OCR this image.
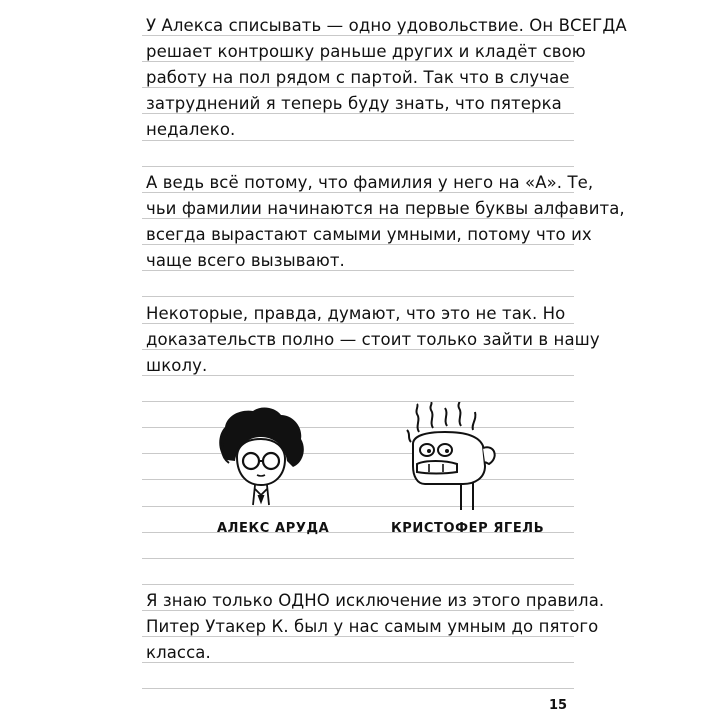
У Алекса списывать — одно удовольствие. Он ВСЕГДА
решает контрошку раньше других и кладёт свою
работу на пол рядом с партой. Так что в случае
затруднений я теперь буду знать, что пятерка
недалеко.
А ведь всё потому, что фамилия у него на «А». Те,
чьи фамилии начинаются на первые буквы алфавита,
всегда вырастают самыми умными, потому что их
чаще всего вызывают.
Некоторые, правда, думают, что это не так. Но
доказательств полно — стоит только зайти в нашу
школу.
АЛЕКС АРУДА	КРИСТОФЕР ЯГЕЛЬ
Я знаю только ОДНО исключение из этого правила.
Питер Утакер К. был у нас самым умным до пятого
класса.
15
